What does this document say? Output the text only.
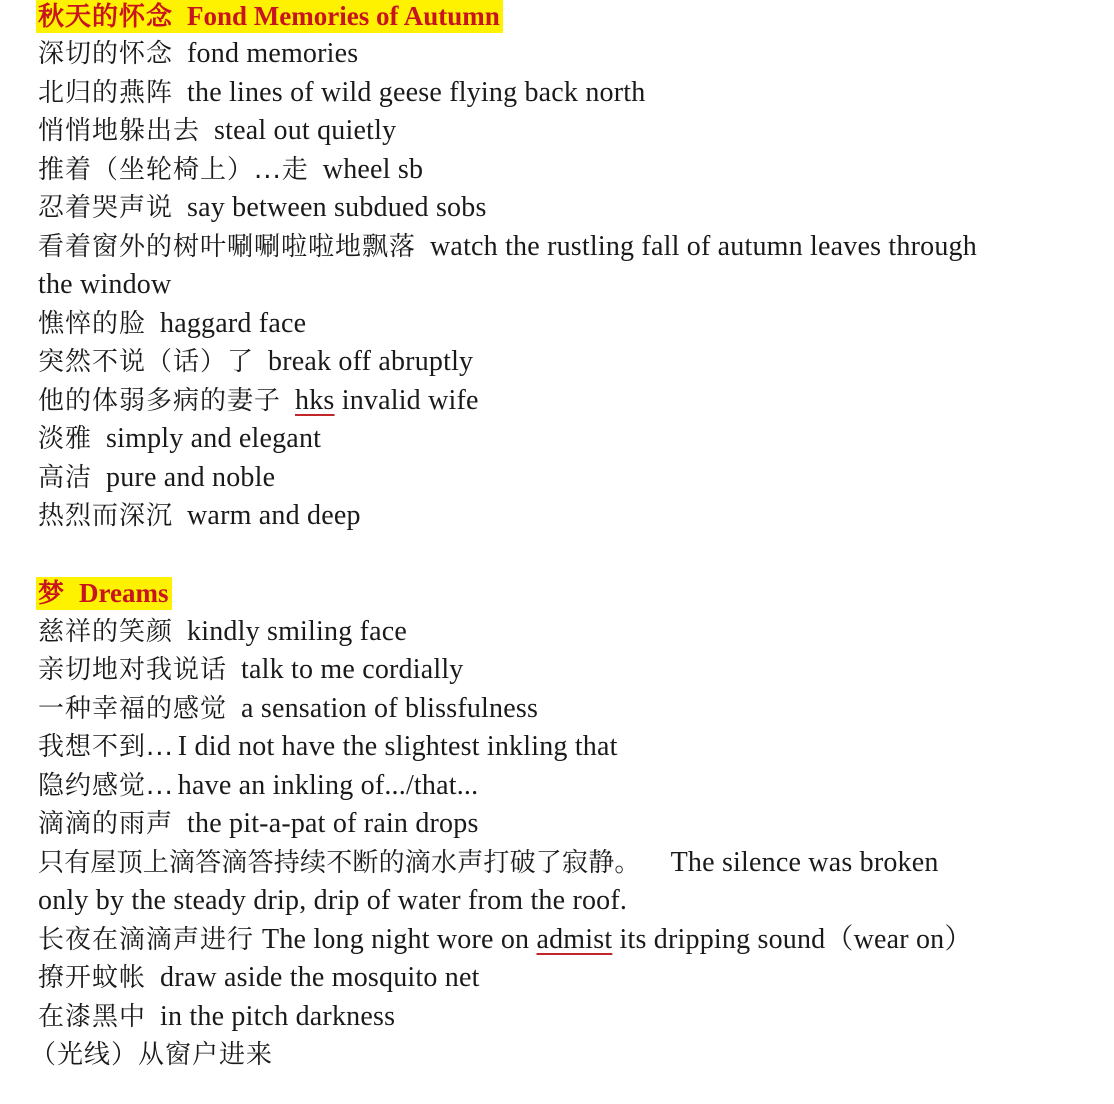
秋天的怀念 Fond Memories of Autumn
深切的怀念 fond memories
北归的燕阵 the lines of wild geese flying back north
悄悄地躲出去 steal out quietly
推着（坐轮椅上）...走 wheel sb
忍着哭声说 say between subdued sobs
看着窗外的树叶唰唰啦啦地飘落 watch the rustling fall of autumn leaves through
the window
憔悴的脸 haggard face
突然不说（话）了 break off abruptly
他的体弱多病的妻子 hks invalid wife
淡雅 simply and elegant
高洁 pure and noble
热烈而深沉 warm and deep
梦 Dreams
慈祥的笑颜 kindly smiling face
亲切地对我说话 talk to me cordially
一种幸福的感觉 a sensation of blissfulness
我想不到... I did not have the slightest inkling that
隐约感觉... have an inkling of.../that...
滴滴的雨声 the pit-a-pat of rain drops
只有屋顶上滴答滴答持续不断的滴水声打破了寂静。 The silence was broken
only by the steady drip, drip of water from the roof.
长夜在滴滴声进行 The long night wore on admist its dripping sound（wear on）
撩开蚊帐 draw aside the mosquito net
在漆黑中 in the pitch darkness
（光线）从窗户进来
